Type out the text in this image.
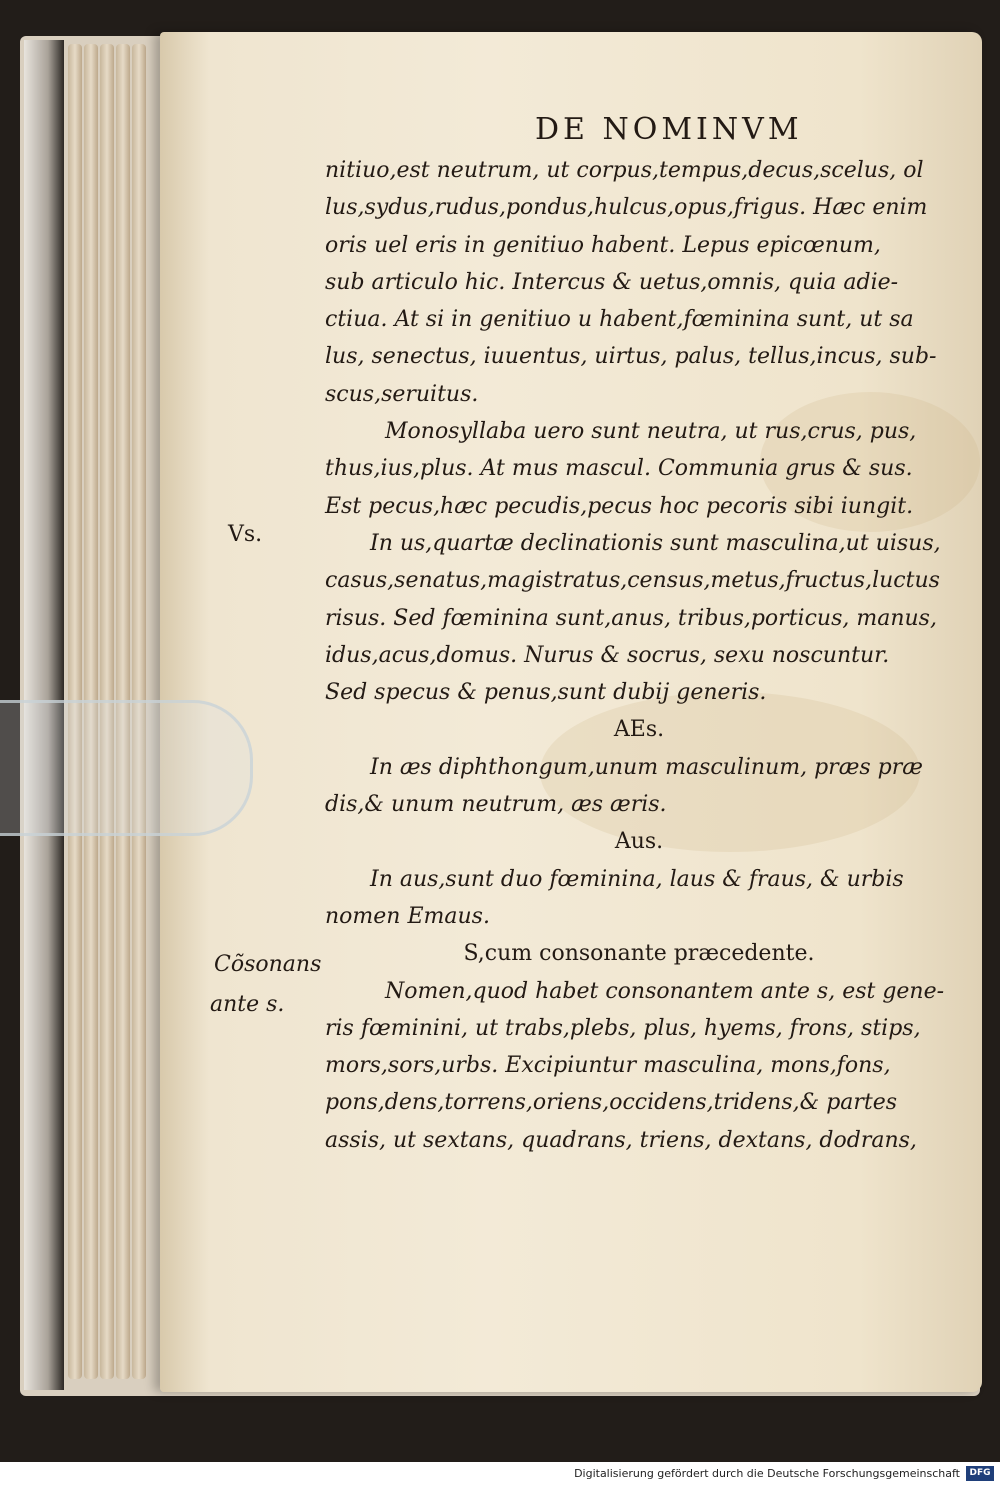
DE NOMINVM
Vs.
Cõsonans
ante s.
nitiuo,est neutrum, ut corpus,tempus,decus,scelus, ol
lus,sydus,rudus,pondus,hulcus,opus,frigus. Hæc enim
oris uel eris in genitiuo habent. Lepus epicœnum,
sub articulo hic. Intercus & uetus,omnis, quia adie-
ctiua. At si in genitiuo u habent,fœminina sunt, ut sa
lus, senectus, iuuentus, uirtus, palus, tellus,incus, sub-
scus,seruitus.
Monosyllaba uero sunt neutra, ut rus,crus, pus,
thus,ius,plus. At mus mascul. Communia grus & sus.
Est pecus,hæc pecudis,pecus hoc pecoris sibi iungit.
In us,quartæ declinationis sunt masculina,ut uisus,
casus,senatus,magistratus,census,metus,fructus,luctus
risus. Sed fœminina sunt,anus, tribus,porticus, manus,
idus,acus,domus. Nurus & socrus, sexu noscuntur.
Sed specus & penus,sunt dubij generis.
AEs.
In æs diphthongum,unum masculinum, præs præ
dis,& unum neutrum, æs æris.
Aus.
In aus,sunt duo fœminina, laus & fraus, & urbis
nomen Emaus.
S,cum consonante præcedente.
Nomen,quod habet consonantem ante s, est gene-
ris fœminini, ut trabs,plebs, plus, hyems, frons, stips,
mors,sors,urbs. Excipiuntur masculina, mons,fons,
pons,dens,torrens,oriens,occidens,tridens,& partes
assis, ut sextans, quadrans, triens, dextans, dodrans,
Digitalisierung gefördert durch die Deutsche Forschungsgemeinschaft	DFG
